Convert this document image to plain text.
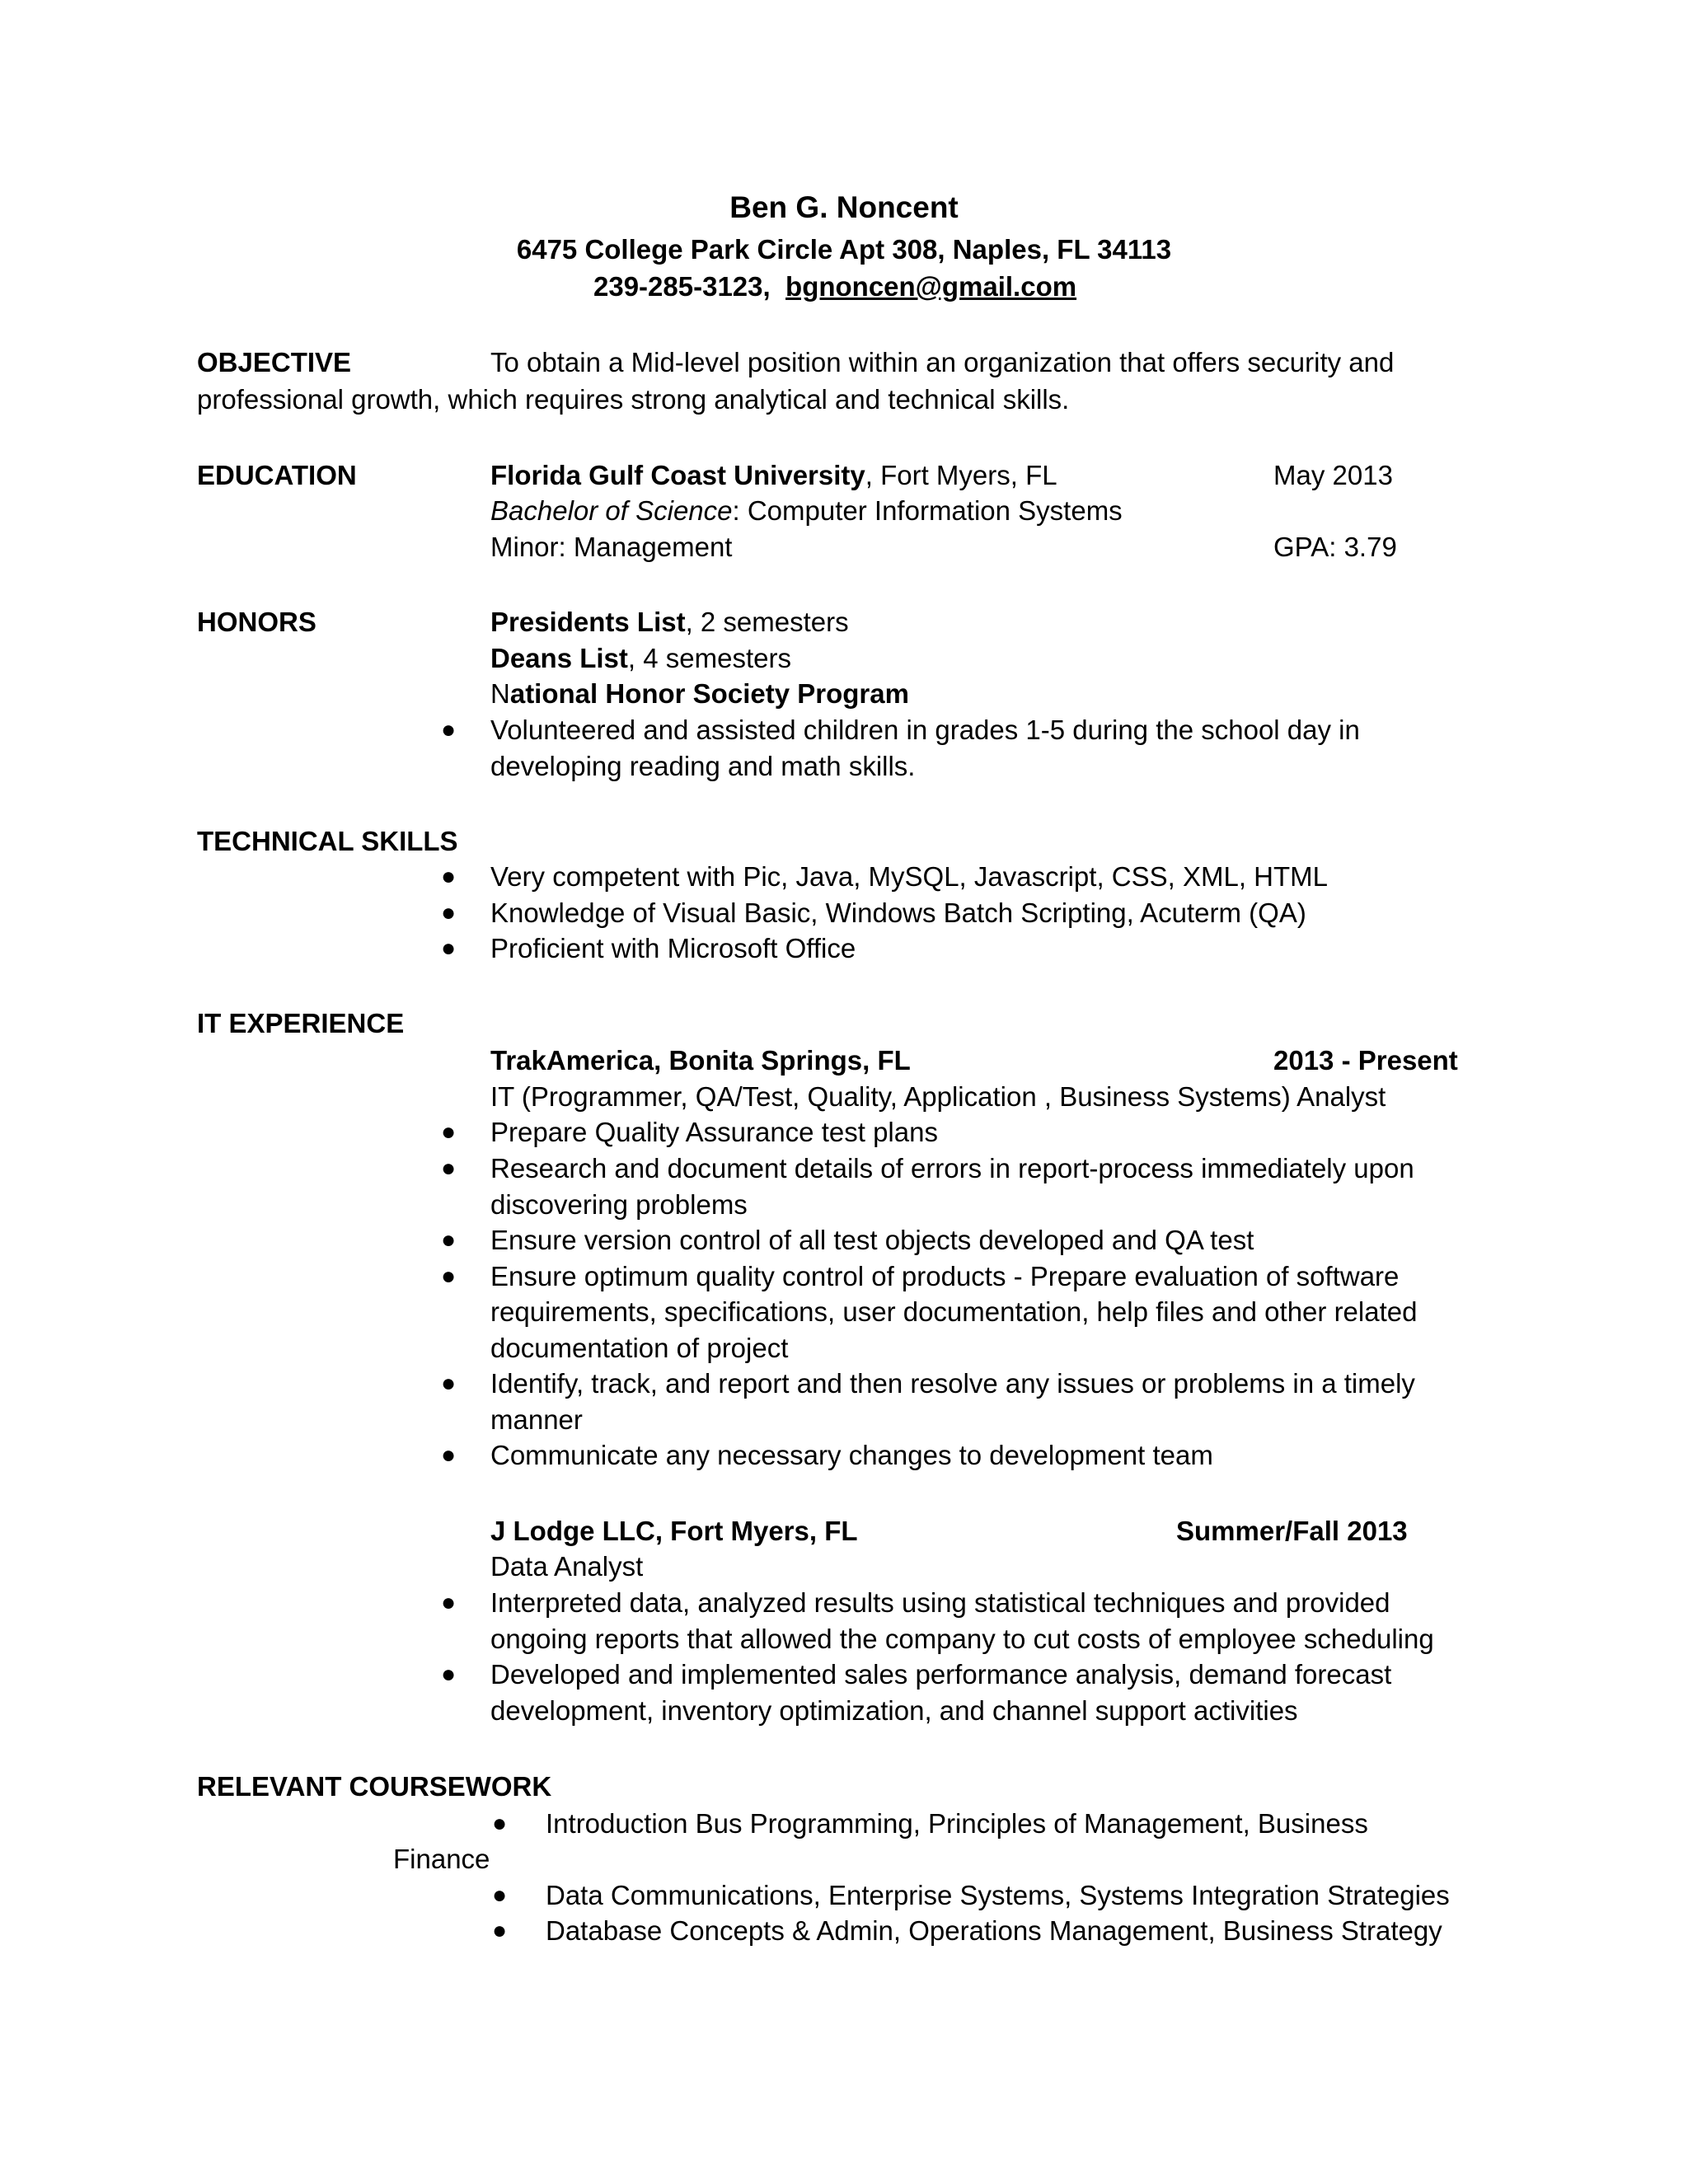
Ben G. Noncent
6475 College Park Circle Apt 308, Naples, FL 34113
239-285-3123, bgnoncen@gmail.com
OBJECTIVE	To obtain a Mid-level position within an organization that offers security and
professional growth, which requires strong analytical and technical skills.
EDUCATION	Florida Gulf Coast University, Fort Myers, FL	May 2013
Bachelor of Science: Computer Information Systems
Minor: Management	GPA: 3.79
HONORS	Presidents List, 2 semesters
Deans List, 4 semesters
National Honor Society Program
● Volunteered and assisted children in grades 1-5 during the school day in
developing reading and math skills.
TECHNICAL SKILLS
● Very competent with Pic, Java, MySQL, Javascript, CSS, XML, HTML
● Knowledge of Visual Basic, Windows Batch Scripting, Acuterm (QA)
● Proficient with Microsoft Office
IT EXPERIENCE
TrakAmerica, Bonita Springs, FL	2013 - Present
IT (Programmer, QA/Test, Quality, Application , Business Systems) Analyst
● Prepare Quality Assurance test plans
● Research and document details of errors in report-process immediately upon
discovering problems
● Ensure version control of all test objects developed and QA test
● Ensure optimum quality control of products - Prepare evaluation of software
requirements, specifications, user documentation, help files and other related
documentation of project
● Identify, track, and report and then resolve any issues or problems in a timely
manner
● Communicate any necessary changes to development team
J Lodge LLC, Fort Myers, FL	Summer/Fall 2013
Data Analyst
● Interpreted data, analyzed results using statistical techniques and provided
ongoing reports that allowed the company to cut costs of employee scheduling
● Developed and implemented sales performance analysis, demand forecast
development, inventory optimization, and channel support activities
RELEVANT COURSEWORK
● Introduction Bus Programming, Principles of Management, Business
Finance
● Data Communications, Enterprise Systems, Systems Integration Strategies
● Database Concepts & Admin, Operations Management, Business Strategy
